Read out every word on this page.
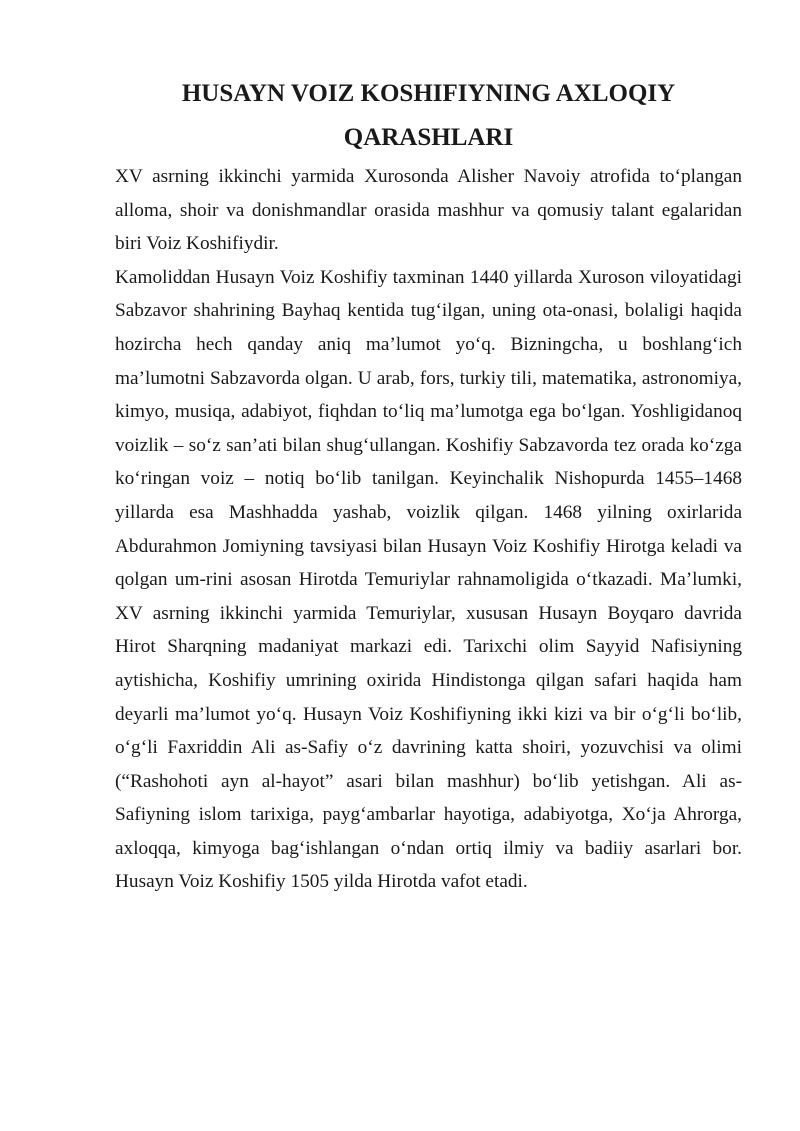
HUSAYN VOIZ KOSHIFIYNING AXLOQIY QARASHLARI

XV asrning ikkinchi yarmida Xurosonda Alisher Navoiy atrofida to‘plangan alloma, shoir va donishmandlar orasida mashhur va qomusiy talant egalaridan biri Voiz Koshifiydir.

Kamoliddan Husayn Voiz Koshifiy taxminan 1440 yillarda Xuroson viloyatidagi Sabzavor shahrining Bayhaq kentida tug‘ilgan, uning ota-onasi, bolaligi haqida hozircha hech qanday aniq ma’lumot yo‘q. Bizningcha, u boshlang‘ich ma’lumotni Sabzavorda olgan. U arab, fors, turkiy tili, matematika, astronomiya, kimyo, musiqa, adabiyot, fiqhdan to‘liq ma’lumotga ega bo‘lgan. Yoshligidanoq voizlik – so‘z san’ati bilan shug‘ullangan. Koshifiy Sabzavorda tez orada ko‘zga ko‘ringan voiz – notiq bo‘lib tanilgan. Keyinchalik Nishopurda 1455–1468 yillarda esa Mashhadda yashab, voizlik qilgan. 1468 yilning oxirlarida Abdurahmon Jomiyning tavsiyasi bilan Husayn Voiz Koshifiy Hirotga keladi va qolgan um-rini asosan Hirotda Temuriylar rahnamoligida o‘tkazadi. Ma’lumki, XV asrning ikkinchi yarmida Temuriylar, xususan Husayn Boyqaro davrida Hirot Sharqning madaniyat markazi edi. Tarixchi olim Sayyid Nafisiyning aytishicha, Koshifiy umrining oxirida Hindistonga qilgan safari haqida ham deyarli ma’lumot yo‘q. Husayn Voiz Koshifiyning ikki kizi va bir o‘g‘li bo‘lib, o‘g‘li Faxriddin Ali as-Safiy o‘z davrining katta shoiri, yozuvchisi va olimi (“Rashohoti ayn al-hayot” asari bilan mashhur) bo‘lib yetishgan. Ali as-Safiyning islom tarixiga, payg‘ambarlar hayotiga, adabiyotga, Xo‘ja Ahrorga, axloqqa, kimyoga bag‘ishlangan o‘ndan ortiq ilmiy va badiiy asarlari bor. Husayn Voiz Koshifiy 1505 yilda Hirotda vafot etadi.
